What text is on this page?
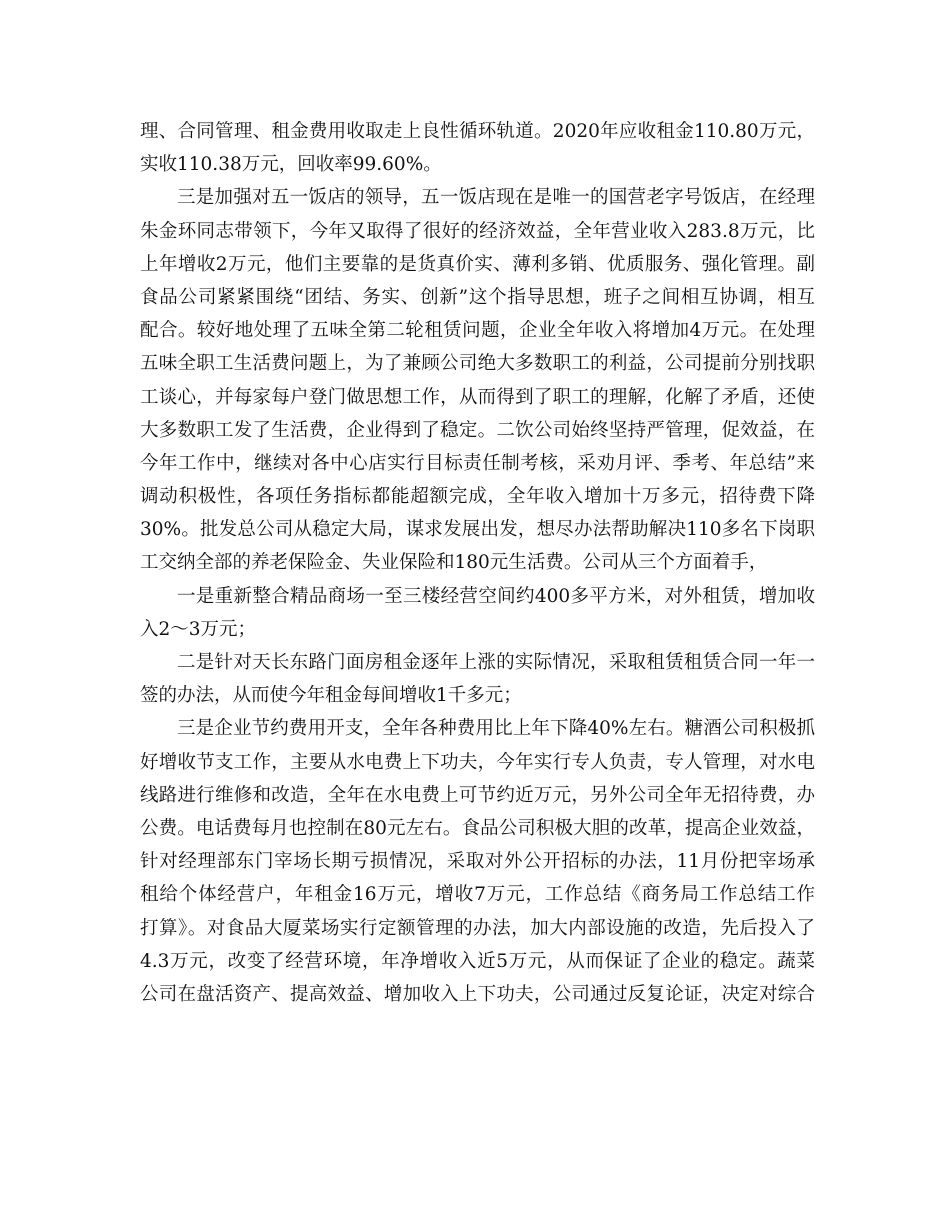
理、合同管理、租金费用收取走上良性循环轨道。2020年应收租金110.80万元，
实收110.38万元，回收率99.60%。
三是加强对五一饭店的领导，五一饭店现在是唯一的国营老字号饭店，在经理
朱金环同志带领下，今年又取得了很好的经济效益，全年营业收入283.8万元，比
上年增收2万元，他们主要靠的是货真价实、薄利多销、优质服务、强化管理。副
食品公司紧紧围绕“团结、务实、创新”这个指导思想，班子之间相互协调，相互
配合。较好地处理了五味全第二轮租赁问题，企业全年收入将增加4万元。在处理
五味全职工生活费问题上，为了兼顾公司绝大多数职工的利益，公司提前分别找职
工谈心，并每家每户登门做思想工作，从而得到了职工的理解，化解了矛盾，还使
大多数职工发了生活费，企业得到了稳定。二饮公司始终坚持严管理，促效益，在
今年工作中，继续对各中心店实行目标责任制考核，采劝月评、季考、年总结”来
调动积极性，各项任务指标都能超额完成，全年收入增加十万多元，招待费下降
30%。批发总公司从稳定大局，谋求发展出发，想尽办法帮助解决110多名下岗职
工交纳全部的养老保险金、失业保险和180元生活费。公司从三个方面着手，
一是重新整合精品商场一至三楼经营空间约400多平方米，对外租赁，增加收
入2～3万元；
二是针对天长东路门面房租金逐年上涨的实际情况，采取租赁租赁合同一年一
签的办法，从而使今年租金每间增收1千多元；
三是企业节约费用开支，全年各种费用比上年下降40%左右。糖酒公司积极抓
好增收节支工作，主要从水电费上下功夫，今年实行专人负责，专人管理，对水电
线路进行维修和改造，全年在水电费上可节约近万元，另外公司全年无招待费，办
公费。电话费每月也控制在80元左右。食品公司积极大胆的改革，提高企业效益，
针对经理部东门宰场长期亏损情况，采取对外公开招标的办法，11月份把宰场承
租给个体经营户，年租金16万元，增收7万元，工作总结《商务局工作总结工作
打算》。对食品大厦菜场实行定额管理的办法，加大内部设施的改造，先后投入了
4.3万元，改变了经营环境，年净增收入近5万元，从而保证了企业的稳定。蔬菜
公司在盘活资产、提高效益、增加收入上下功夫，公司通过反复论证，决定对综合
